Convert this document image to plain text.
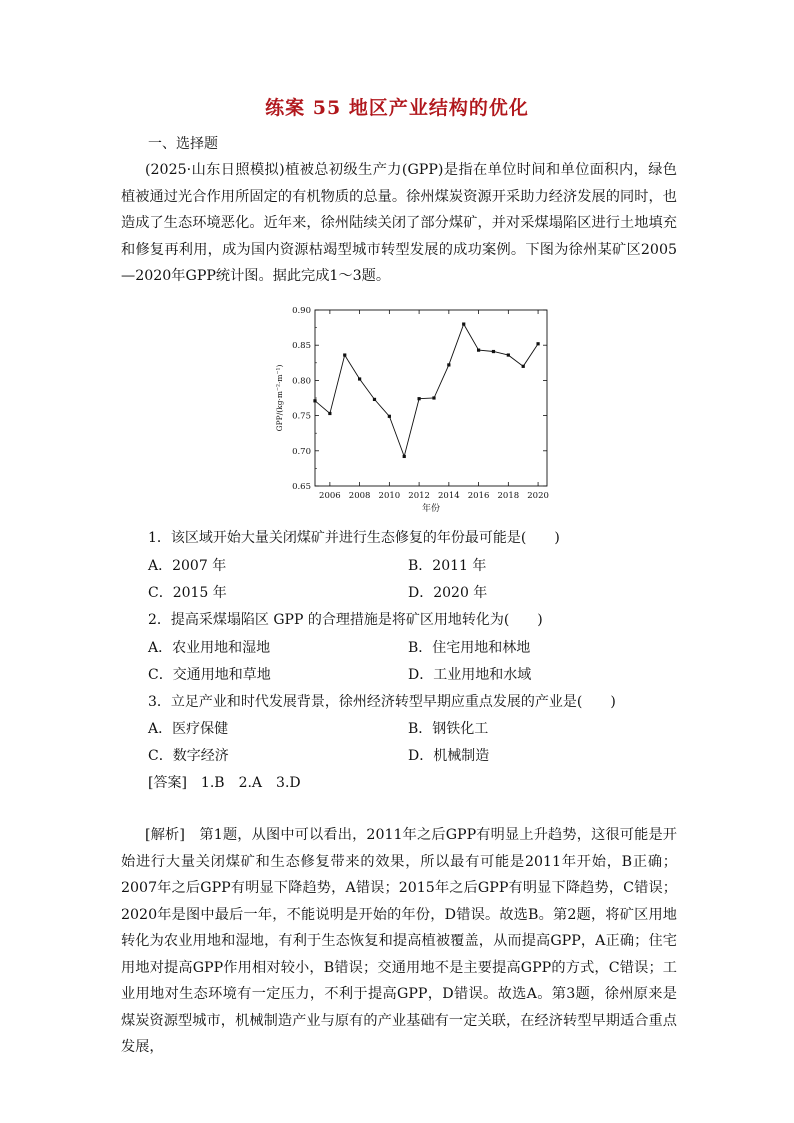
练案 55 地区产业结构的优化
一、选择题
(2025·山东日照模拟)植被总初级生产力(GPP)是指在单位时间和单位面积内，绿色植被通过光合作用所固定的有机物质的总量。徐州煤炭资源开采助力经济发展的同时，也造成了生态环境恶化。近年来，徐州陆续关闭了部分煤矿，并对采煤塌陷区进行土地填充和修复再利用，成为国内资源枯竭型城市转型发展的成功案例。下图为徐州某矿区2005—2020年GPP统计图。据此完成1～3题。
0.90
0.85
0.80
0.75
0.70
0.65
2006 2008 2010 2012 2014 2016 2018 2020
年份
GPP/(kg·m⁻²·m⁻¹)
1．该区域开始大量关闭煤矿并进行生态修复的年份最可能是(　　)
A．2007 年	B．2011 年
C．2015 年	D．2020 年
2．提高采煤塌陷区 GPP 的合理措施是将矿区用地转化为(　　)
A．农业用地和湿地	B．住宅用地和林地
C．交通用地和草地	D．工业用地和水域
3．立足产业和时代发展背景，徐州经济转型早期应重点发展的产业是(　　)
A．医疗保健	B．钢铁化工
C．数字经济	D．机械制造
[答案]　1.B　2.A　3.D
[解析]　第1题，从图中可以看出，2011年之后GPP有明显上升趋势，这很可能是开始进行大量关闭煤矿和生态修复带来的效果，所以最有可能是2011年开始，B正确；2007年之后GPP有明显下降趋势，A错误；2015年之后GPP有明显下降趋势，C错误；2020年是图中最后一年，不能说明是开始的年份，D错误。故选B。第2题，将矿区用地转化为农业用地和湿地，有利于生态恢复和提高植被覆盖，从而提高GPP，A正确；住宅用地对提高GPP作用相对较小，B错误；交通用地不是主要提高GPP的方式，C错误；工业用地对生态环境有一定压力，不利于提高GPP，D错误。故选A。第3题，徐州原来是煤炭资源型城市，机械制造产业与原有的产业基础有一定关联，在经济转型早期适合重点发展，
